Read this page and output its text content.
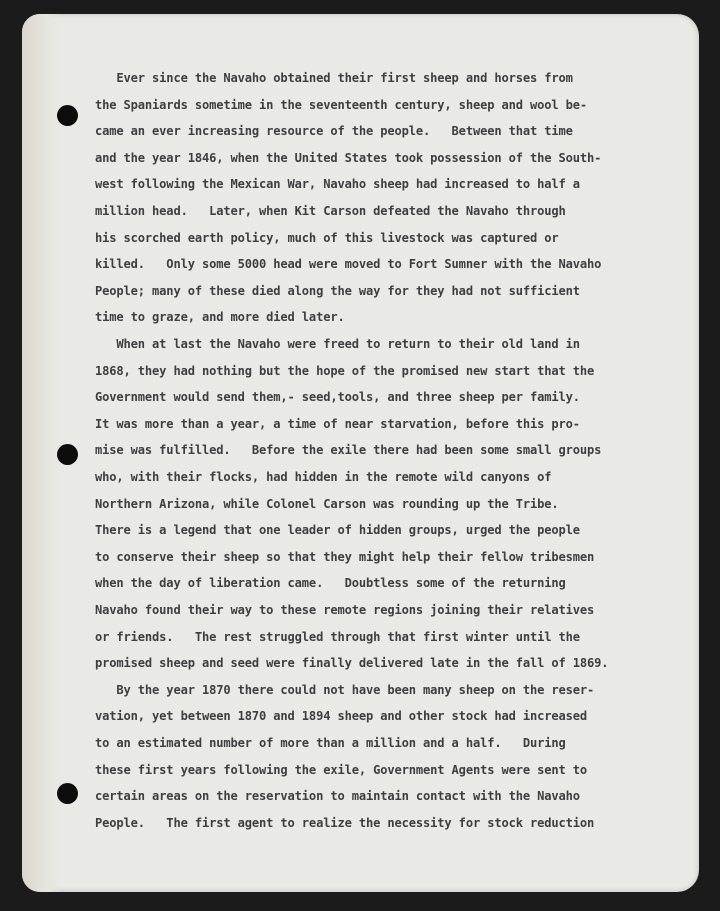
Ever since the Navaho obtained their first sheep and horses from
the Spaniards sometime in the seventeenth century, sheep and wool be-
came an ever increasing resource of the people.   Between that time
and the year 1846, when the United States took possession of the South-
west following the Mexican War, Navaho sheep had increased to half a
million head.   Later, when Kit Carson defeated the Navaho through
his scorched earth policy, much of this livestock was captured or
killed.   Only some 5000 head were moved to Fort Sumner with the Navaho
People; many of these died along the way for they had not sufficient
time to graze, and more died later.
When at last the Navaho were freed to return to their old land in
1868, they had nothing but the hope of the promised new start that the
Government would send them,- seed,tools, and three sheep per family.
It was more than a year, a time of near starvation, before this pro-
mise was fulfilled.   Before the exile there had been some small groups
who, with their flocks, had hidden in the remote wild canyons of
Northern Arizona, while Colonel Carson was rounding up the Tribe.
There is a legend that one leader of hidden groups, urged the people
to conserve their sheep so that they might help their fellow tribesmen
when the day of liberation came.   Doubtless some of the returning
Navaho found their way to these remote regions joining their relatives
or friends.   The rest struggled through that first winter until the
promised sheep and seed were finally delivered late in the fall of 1869.
By the year 1870 there could not have been many sheep on the reser-
vation, yet between 1870 and 1894 sheep and other stock had increased
to an estimated number of more than a million and a half.   During
these first years following the exile, Government Agents were sent to
certain areas on the reservation to maintain contact with the Navaho
People.   The first agent to realize the necessity for stock reduction
